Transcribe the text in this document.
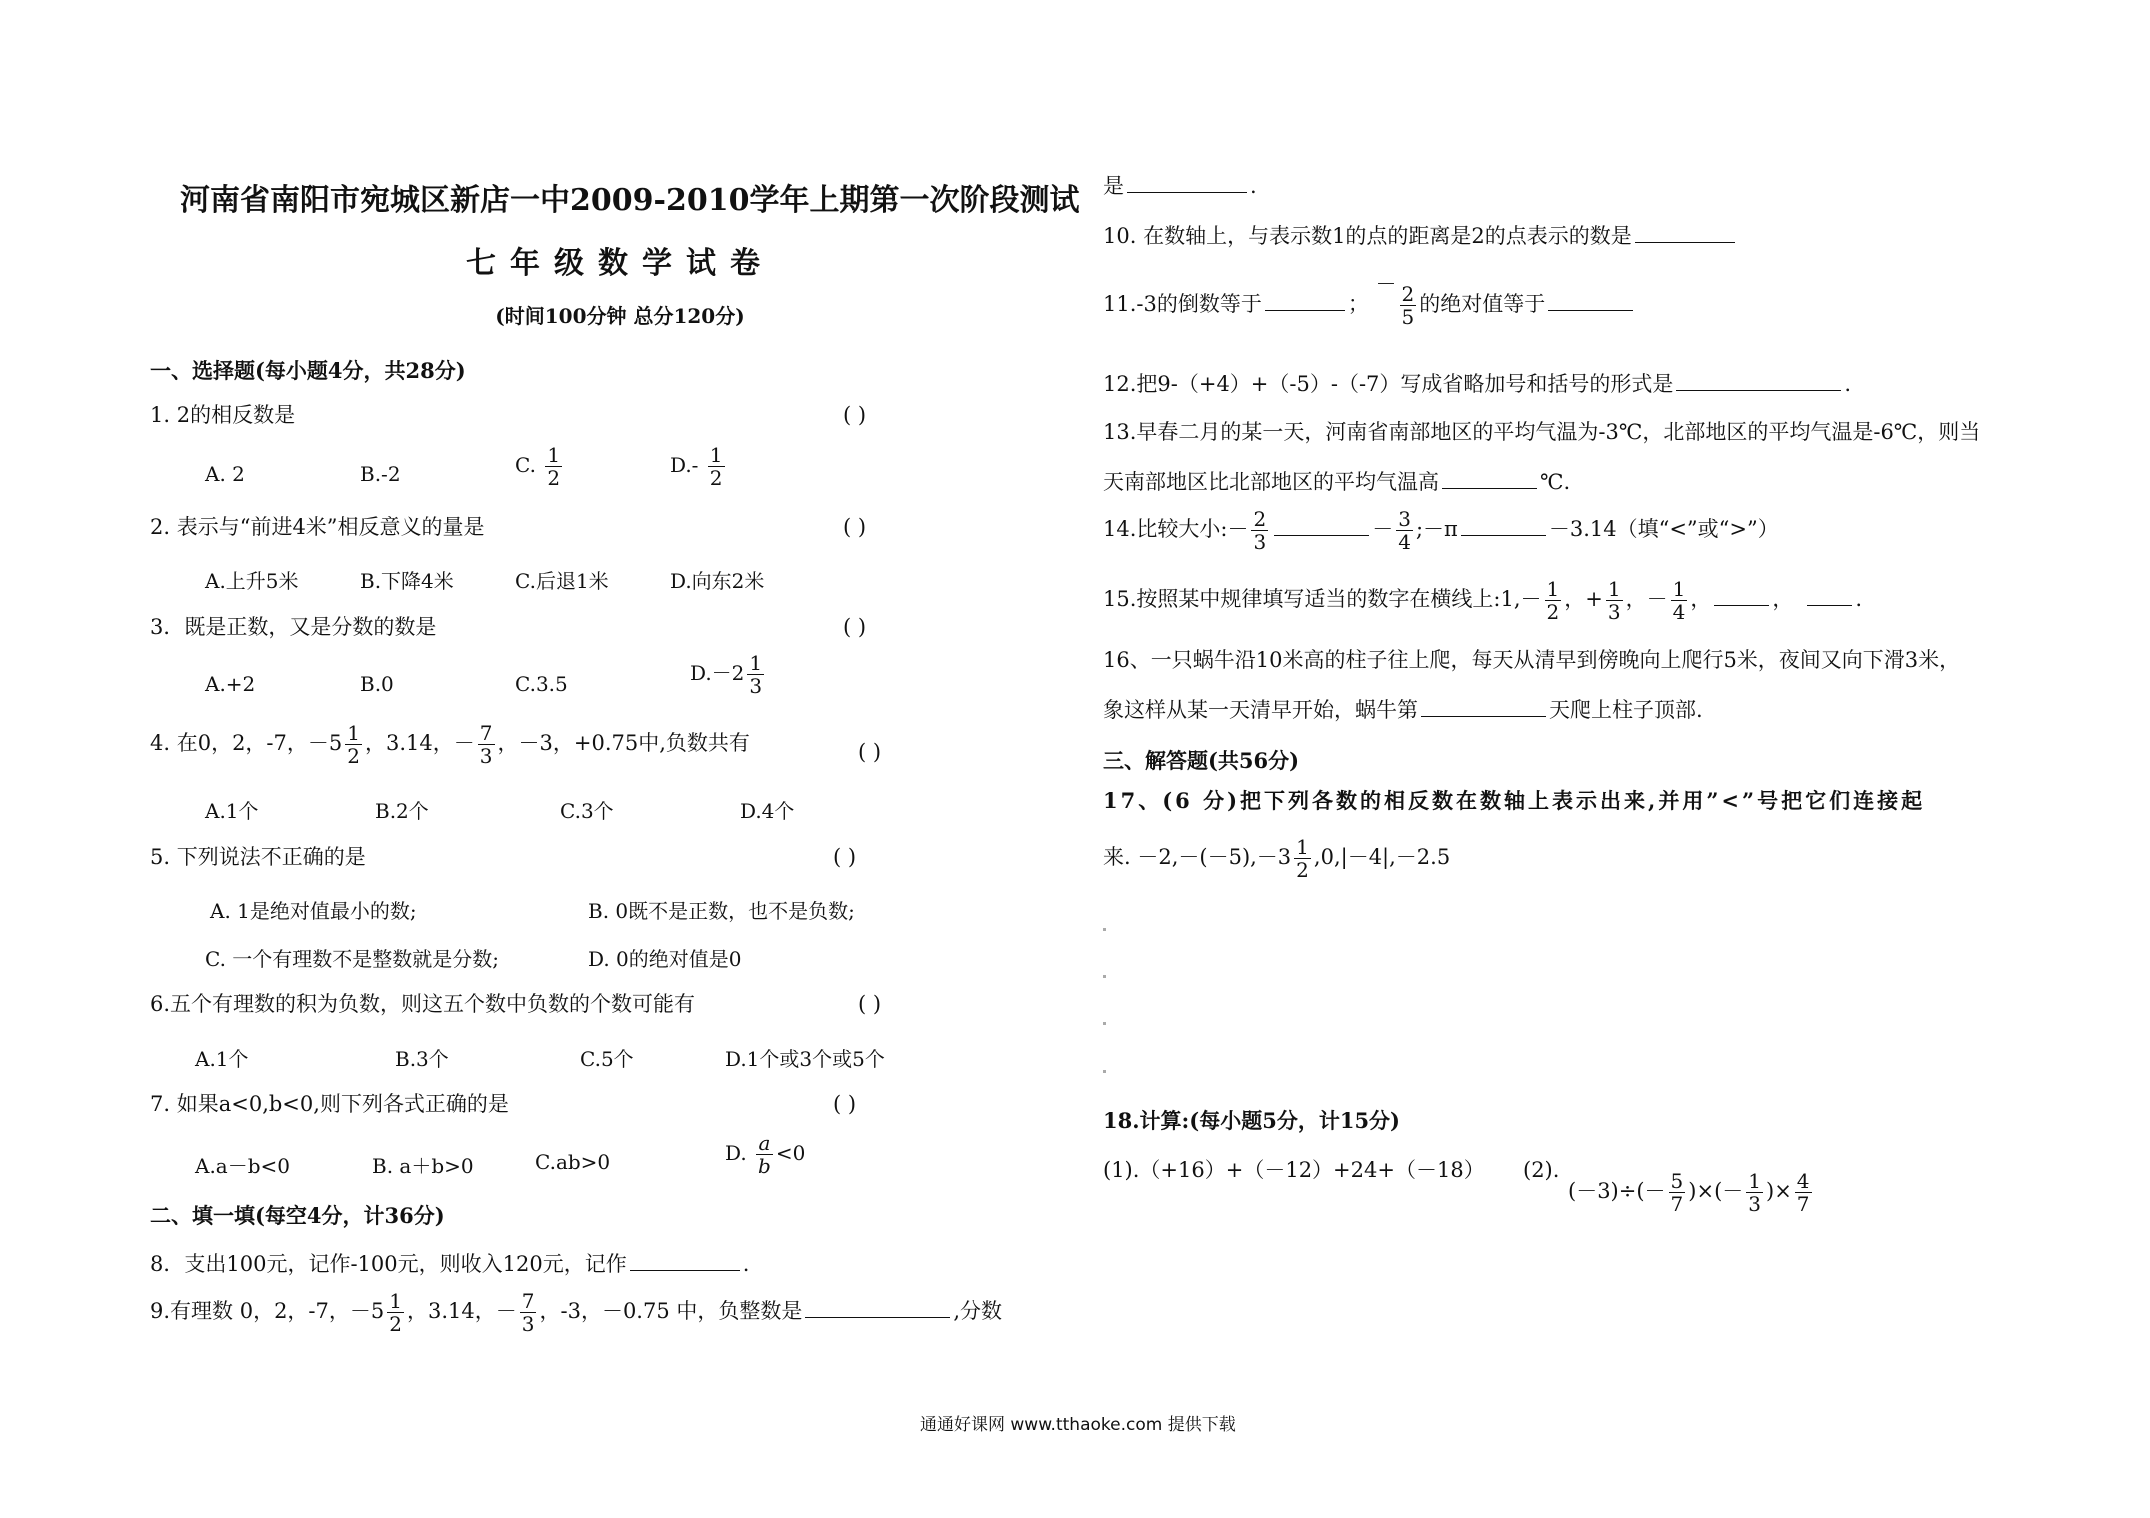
河南省南阳市宛城区新店一中2009-2010学年上期第一次阶段测试
七年级数学试卷
(时间100分钟 总分120分)
一、选择题(每小题4分，共28分)
1. 2的相反数是	( )
A. 2	B.-2	C. $\frac{1}{2}$	$D.- \frac{1}{2}$
2. 表示与“前进4米”相反意义的量是	( )
A.上升5米	B.下降4米	C.后退1米	D.向东2米
3．既是正数，又是分数的数是	( )
A.+2	B.0	C.3.5	$D.-2 \frac{1}{3}$
4. 在0，2，-7，$-5 \frac{1}{2}$ ，3.14，－ $\frac{7}{3}$ ，－3，+0.75中,负数共有	( )
A.1个	B.2个	C.3个	D.4个
5. 下列说法不正确的是	( )
A. 1是绝对值最小的数;	B. 0既不是正数，也不是负数;
C. 一个有理数不是整数就是分数;	D. 0的绝对值是0
6.五个有理数的积为负数，则这五个数中负数的个数可能有	( )
A.1个	B.3个	C.5个	D.1个或3个或5个
7. 如果a<0,b<0,则下列各式正确的是	( )
A.a－b<0	B. a＋b>0	C.ab>0	D. $\frac{a}{b} <0$
二、填一填(每空4分，计36分)
8．支出100元，记作-100元，则收入120元，记作	.
9.有理数 0，2，-7，$-5 \frac{1}{2}$ ，3.14，－ $\frac{7}{3}$ ，-3，－0.75 中，负整数是	,分数
是	.
10. 在数轴上，与表示数1的点的距离是2的点表示的数是
11.-3的倒数等于	； － $\frac{2}{5}$ 的绝对值等于
12.把9-（+4）+（-5）-（-7）写成省略加号和括号的形式是	.
13.早春二月的某一天，河南省南部地区的平均气温为-3℃，北部地区的平均气温是-6℃，则当
天南部地区比北部地区的平均气温高	℃.
14.比较大小:－ $\frac{2}{3}$	－ $\frac{3}{4}$ ;－π	－3.14（填“<”或“>”）
15.按照某中规律填写适当的数字在横线上:1,－ $\frac{1}{2}$ ，+ $\frac{1}{3}$ ，－ $\frac{1}{4}$ ，	，	.
16、一只蜗牛沿10米高的柱子往上爬，每天从清早到傍晚向上爬行5米，夜间又向下滑3米，
象这样从某一天清早开始，蜗牛第	天爬上柱子顶部.
三、解答题(共56分)
17、(6 分)把下列各数的相反数在数轴上表示出来,并用”<”号把它们连接起
来. $-2,-(-5),-3 \frac{1}{2} ,0,|-4|,-2.5$
18.计算:(每小题5分，计15分)
(1).（+16）+（－12）+24+（－18） (2).
$(-3)\div(- \frac{5}{7}$ )×(－ $\frac{1}{3}$ )× $\frac{4}{7}$
通通好课网 www.tthaoke.com 提供下载
